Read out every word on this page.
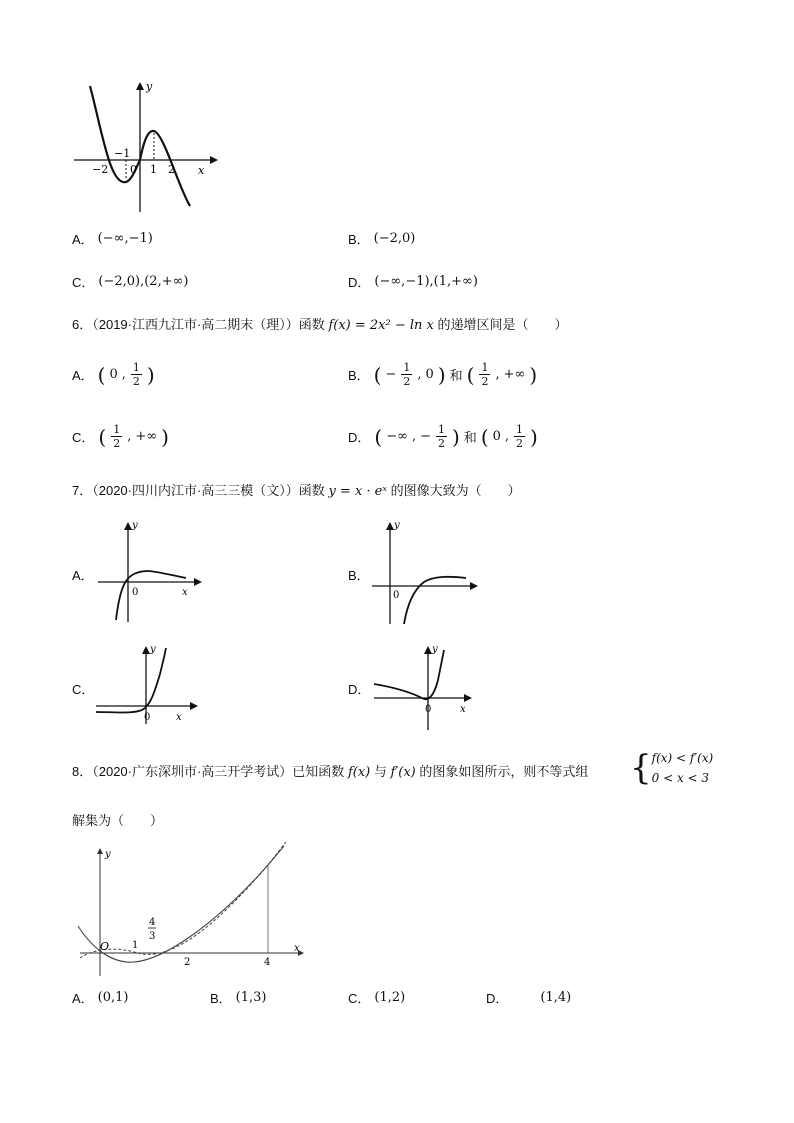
y
x
−2
−1
0 1 2
A． (−∞,−1)	B． (−2,0)
C． (−2,0),(2,+∞)	D． (−∞,−1),(1,+∞)
6．（2019·江西九江市·高二期末（理））函数 f(x) = 2x² − ln x 的递增区间是（　　）
A． ( 0 , $\frac{1}{2}$ )	B． ( − $\frac{1}{2}$ , 0 ) 和 ( $\frac{1}{2}$ , +∞ )
C． ( $\frac{1}{2}$ , +∞ )	D． ( −∞ , − $\frac{1}{2}$ ) 和 ( 0 , $\frac{1}{2}$ )
7．（2020·四川内江市·高三三模（文））函数 y = x · eˣ 的图像大致为（　　）
A．
y
0	x
B．
y
0
C．
y
0	x
D．
y
0	x
8．（2020·广东深圳市·高三开学考试）已知函数 f(x) 与 f′(x) 的图象如图所示，则不等式组 { f(x) < f′(x)
0 < x < 3
解集为（　　）
y
O 1
4
3
2	4
x
A． (0,1)	B． (1,3)	C． (1,2)	D． (1,4)
